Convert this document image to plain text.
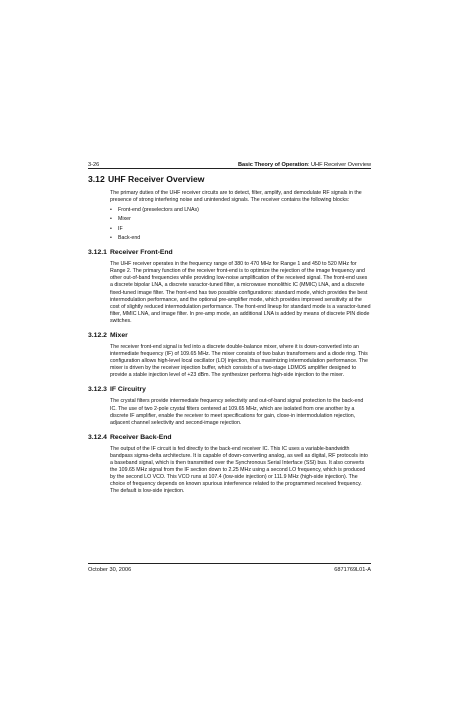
3-26	Basic Theory of Operation: UHF Receiver Overview
3.12 UHF Receiver Overview

The primary duties of the UHF receiver circuits are to detect, filter, amplify, and demodulate RF signals in the presence of strong interfering noise and unintended signals. The receiver contains the following blocks:

•	Front-end (preselectors and LNAs)
•	Mixer
•	IF
•	Back-end
3.12.1 Receiver Front-End

The UHF receiver operates in the frequency range of 380 to 470 MHz for Range 1 and 450 to 520 MHz for Range 2. The primary function of the receiver front-end is to optimize the rejection of the image frequency and other out-of-band frequencies while providing low-noise amplification of the received signal. The front-end uses a discrete bipolar LNA, a discrete varactor-tuned filter, a microwave monolithic IC (MMIC) LNA, and a discrete fixed-tuned image filter. The front-end has two possible configurations: standard mode, which provides the best intermodulation performance, and the optional pre-amplifier mode, which provides improved sensitivity at the cost of slightly reduced intermodulation performance. The front-end lineup for standard mode is a varactor-tuned filter, MMIC LNA, and image filter. In pre-amp mode, an additional LNA is added by means of discrete PIN diode switches.

3.12.2 Mixer

The receiver front-end signal is fed into a discrete double-balance mixer, where it is down-converted into an intermediate frequency (IF) of 109.65 MHz. The mixer consists of two balun transformers and a diode ring. This configuration allows high-level local oscillator (LO) injection, thus maximizing intermodulation performance. The mixer is driven by the receiver injection buffer, which consists of a two-stage LDMOS amplifier designed to provide a stable injection level of +23 dBm. The synthesizer performs high-side injection to the mixer.

3.12.3 IF Circuitry

The crystal filters provide intermediate frequency selectivity and out-of-band signal protection to the back-end IC. The use of two 2-pole crystal filters centered at 109.65 MHz, which are isolated from one another by a discrete IF amplifier, enable the receiver to meet specifications for gain, close-in intermodulation rejection, adjacent channel selectivity and second-image rejection.

3.12.4 Receiver Back-End

The output of the IF circuit is fed directly to the back-end receiver IC. This IC uses a variable-bandwidth bandpass sigma-delta architecture. It is capable of down-converting analog, as well as digital, RF protocols into a baseband signal, which is then transmitted over the Synchronous Serial Interface (SSI) bus. It also converts the 109.65 MHz signal from the IF section down to 2.25 MHz using a second LO frequency, which is produced by the second LO VCO. This VCO runs at 107.4 (low-side injection) or 111.9 MHz (high-side injection). The choice of frequency depends on known spurious interference related to the programmed received frequency. The default is low-side injection.

October 30, 2006	6871769L01-A
